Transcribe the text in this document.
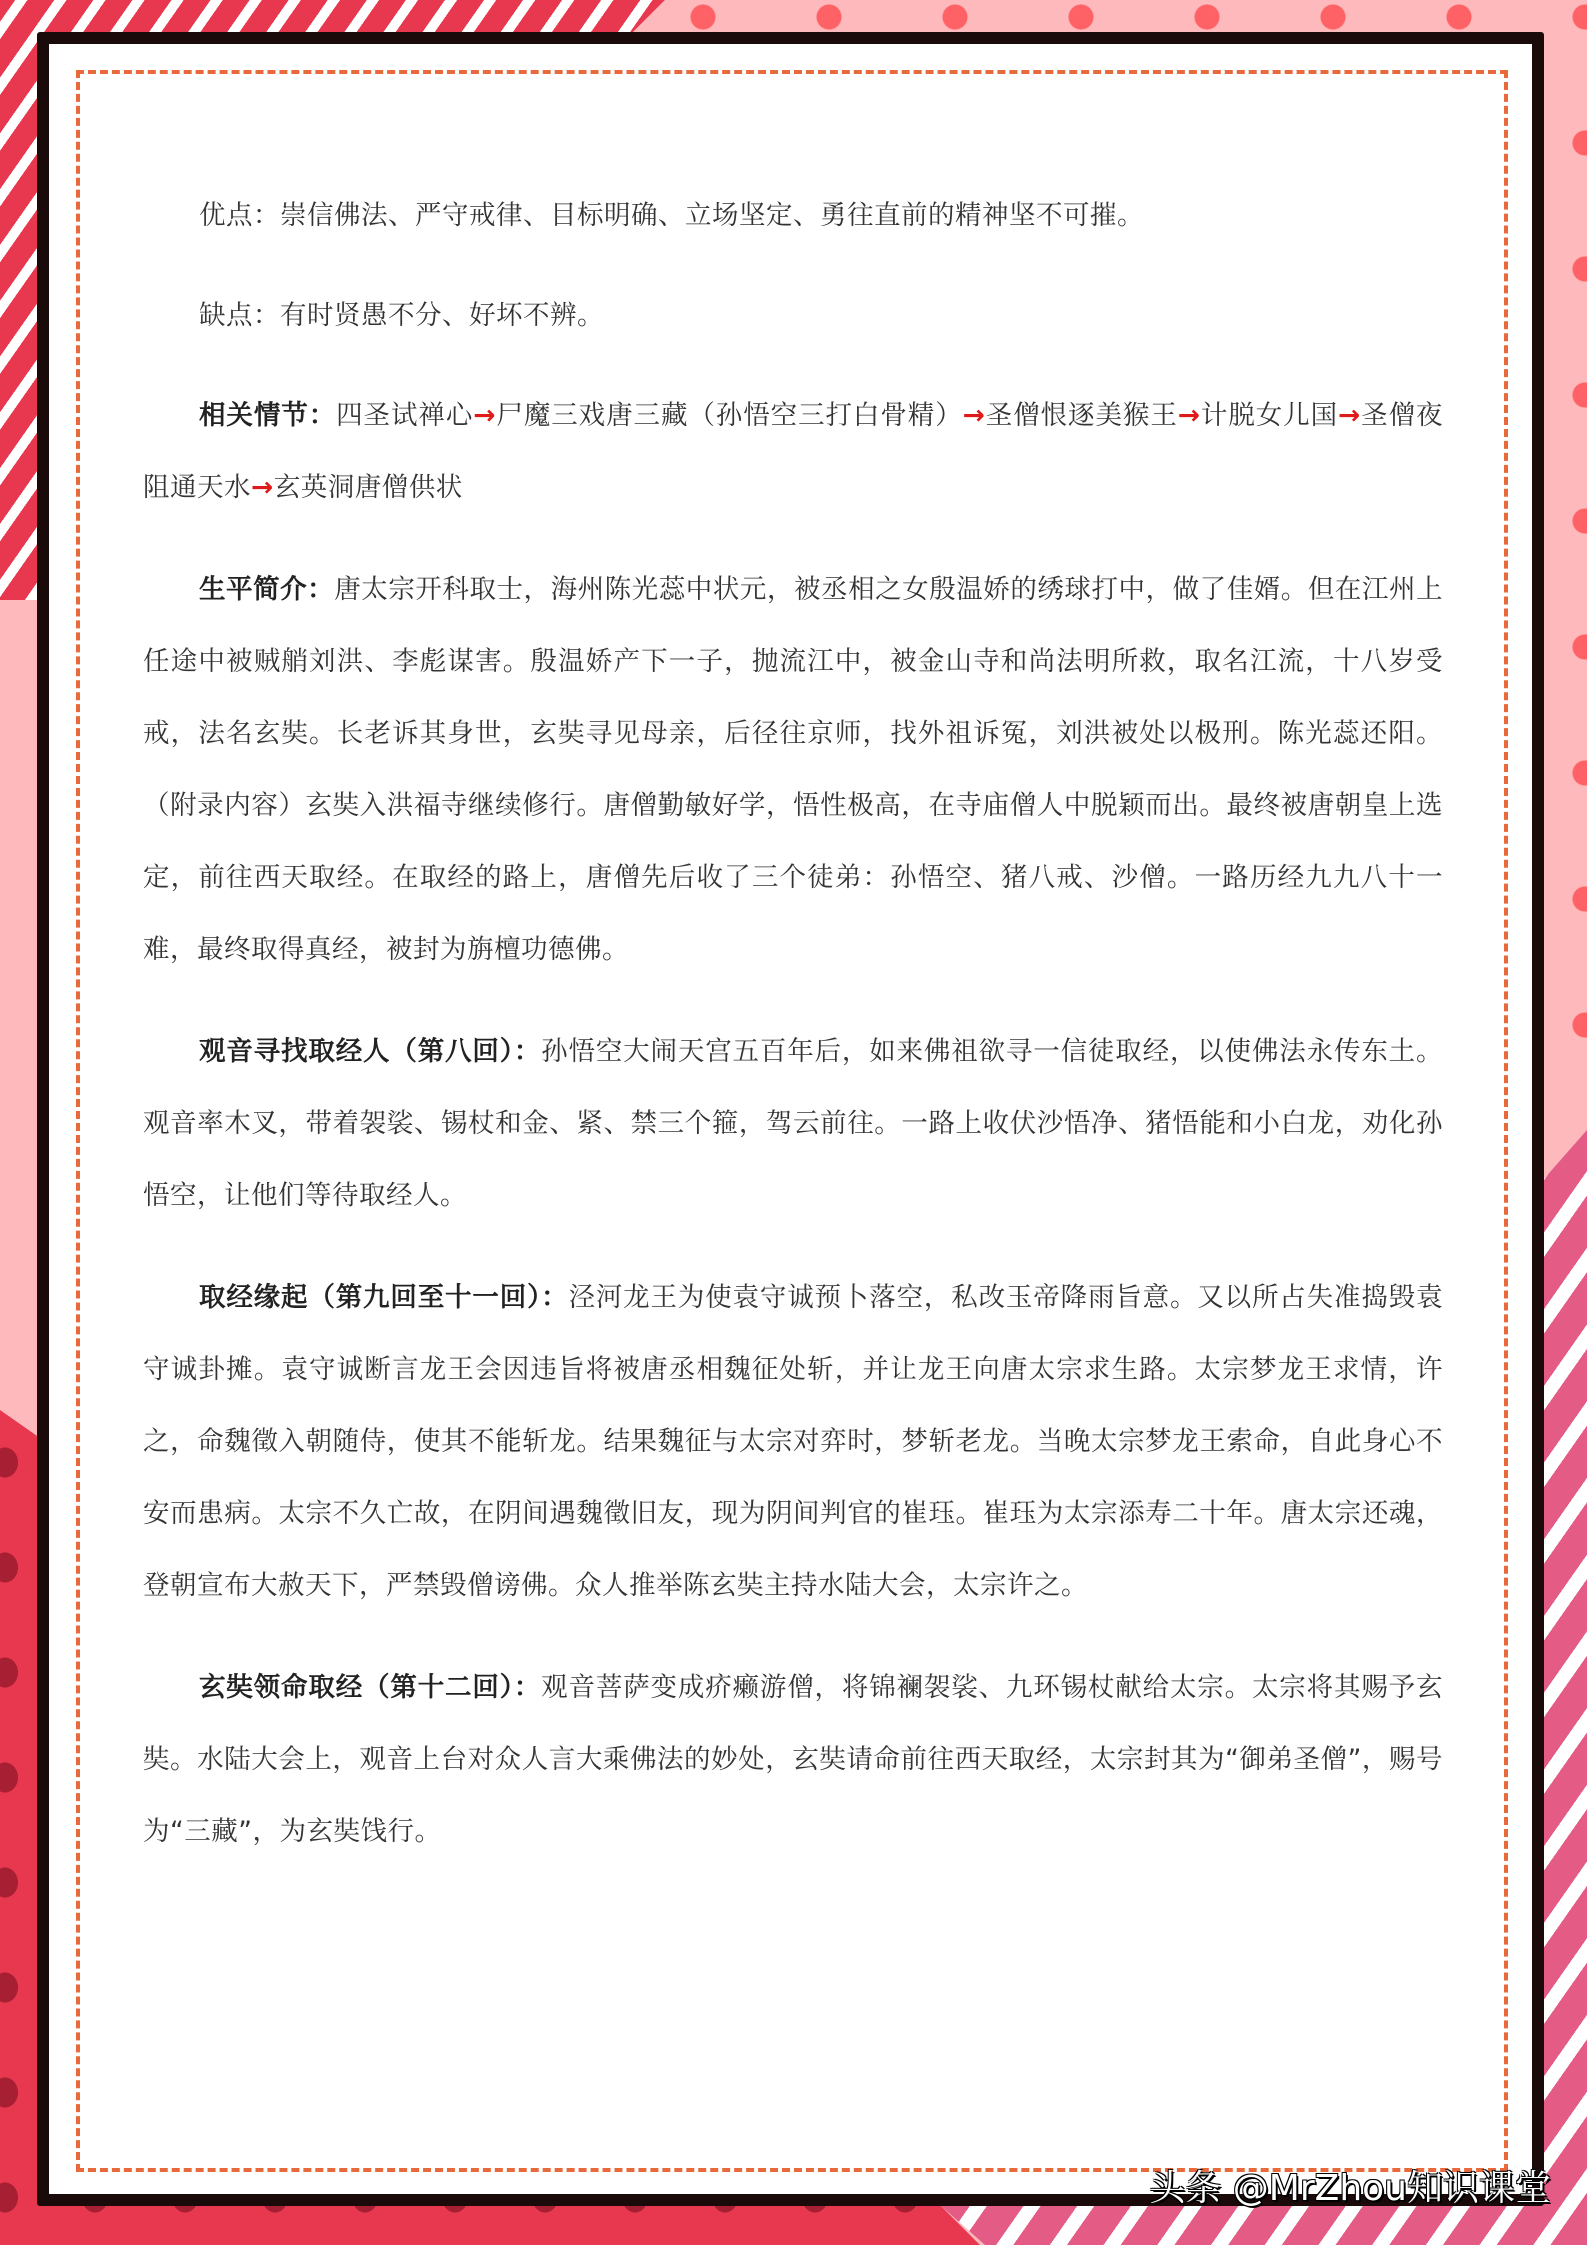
优点：崇信佛法、严守戒律、目标明确、立场坚定、勇往直前的精神坚不可摧。

缺点：有时贤愚不分、好坏不辨。

相关情节：四圣试禅心→尸魔三戏唐三藏（孙悟空三打白骨精）→圣僧恨逐美猴王→计脱女儿国→圣僧夜阻通天水→玄英洞唐僧供状

生平简介：唐太宗开科取士，海州陈光蕊中状元，被丞相之女殷温娇的绣球打中，做了佳婿。但在江州上任途中被贼艄刘洪、李彪谋害。殷温娇产下一子，抛流江中，被金山寺和尚法明所救，取名江流，十八岁受戒，法名玄奘。长老诉其身世，玄奘寻见母亲，后径往京师，找外祖诉冤，刘洪被处以极刑。陈光蕊还阳。（附录内容）玄奘入洪福寺继续修行。唐僧勤敏好学，悟性极高，在寺庙僧人中脱颖而出。最终被唐朝皇上选定，前往西天取经。在取经的路上，唐僧先后收了三个徒弟：孙悟空、猪八戒、沙僧。一路历经九九八十一难，最终取得真经，被封为旃檀功德佛。

观音寻找取经人（第八回）：孙悟空大闹天宫五百年后，如来佛祖欲寻一信徒取经，以使佛法永传东土。观音率木叉，带着袈裟、锡杖和金、紧、禁三个箍，驾云前往。一路上收伏沙悟净、猪悟能和小白龙，劝化孙悟空，让他们等待取经人。

取经缘起（第九回至十一回）：泾河龙王为使袁守诚预卜落空，私改玉帝降雨旨意。又以所占失准捣毁袁守诚卦摊。袁守诚断言龙王会因违旨将被唐丞相魏征处斩，并让龙王向唐太宗求生路。太宗梦龙王求情，许之，命魏徵入朝随侍，使其不能斩龙。结果魏征与太宗对弈时，梦斩老龙。当晚太宗梦龙王索命，自此身心不安而患病。太宗不久亡故，在阴间遇魏徵旧友，现为阴间判官的崔珏。崔珏为太宗添寿二十年。唐太宗还魂，登朝宣布大赦天下，严禁毁僧谤佛。众人推举陈玄奘主持水陆大会，太宗许之。

玄奘领命取经（第十二回）：观音菩萨变成疥癞游僧，将锦襕袈裟、九环锡杖献给太宗。太宗将其赐予玄奘。水陆大会上，观音上台对众人言大乘佛法的妙处，玄奘请命前往西天取经，太宗封其为“御弟圣僧”，赐号为“三藏”，为玄奘饯行。

头条 @MrZhou知识课堂
